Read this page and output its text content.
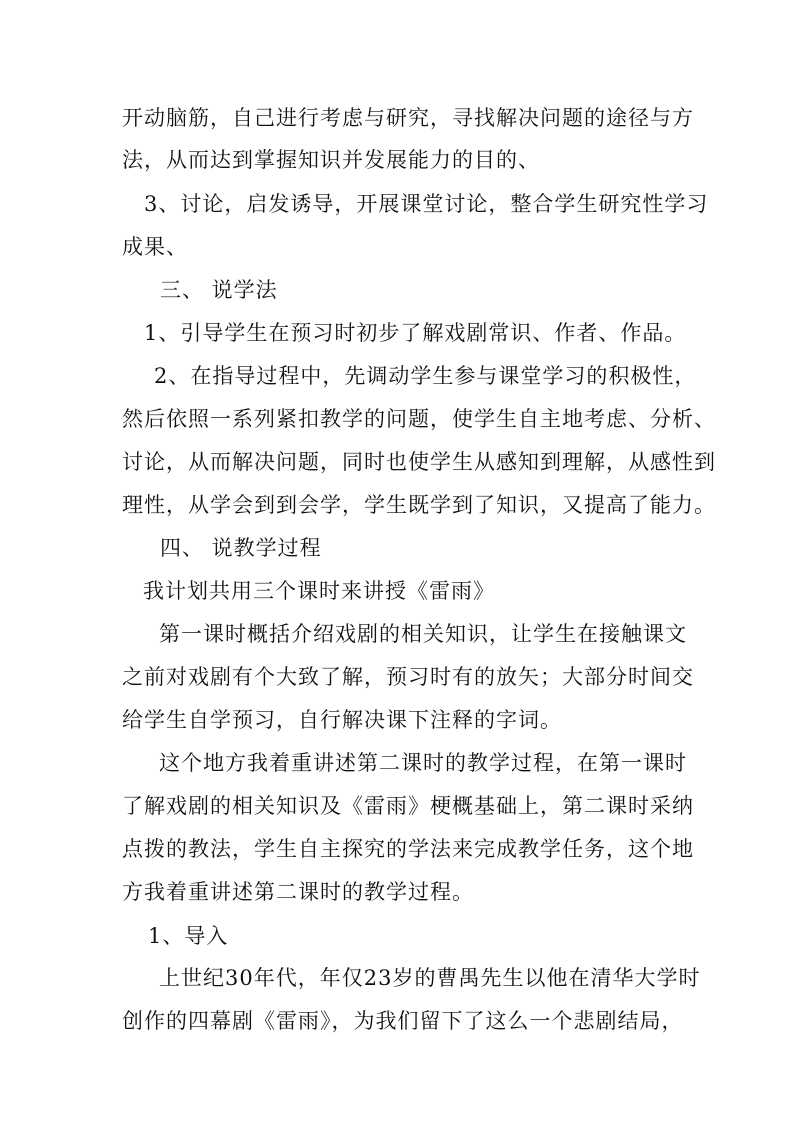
开动脑筋，自己进行考虑与研究，寻找解决问题的途径与方
法，从而达到掌握知识并发展能力的目的、
3、讨论，启发诱导，开展课堂讨论，整合学生研究性学习
成果、
三、 说学法
1、引导学生在预习时初步了解戏剧常识、作者、作品。
2、在指导过程中，先调动学生参与课堂学习的积极性，
然后依照一系列紧扣教学的问题，使学生自主地考虑、分析、
讨论，从而解决问题，同时也使学生从感知到理解，从感性到
理性，从学会到到会学，学生既学到了知识，又提高了能力。
四、 说教学过程
我计划共用三个课时来讲授《雷雨》
第一课时概括介绍戏剧的相关知识，让学生在接触课文
之前对戏剧有个大致了解，预习时有的放矢；大部分时间交
给学生自学预习，自行解决课下注释的字词。
这个地方我着重讲述第二课时的教学过程，在第一课时
了解戏剧的相关知识及《雷雨》梗概基础上，第二课时采纳
点拨的教法，学生自主探究的学法来完成教学任务，这个地
方我着重讲述第二课时的教学过程。
1、导入
上世纪30年代，年仅23岁的曹禺先生以他在清华大学时
创作的四幕剧《雷雨》，为我们留下了这么一个悲剧结局，
